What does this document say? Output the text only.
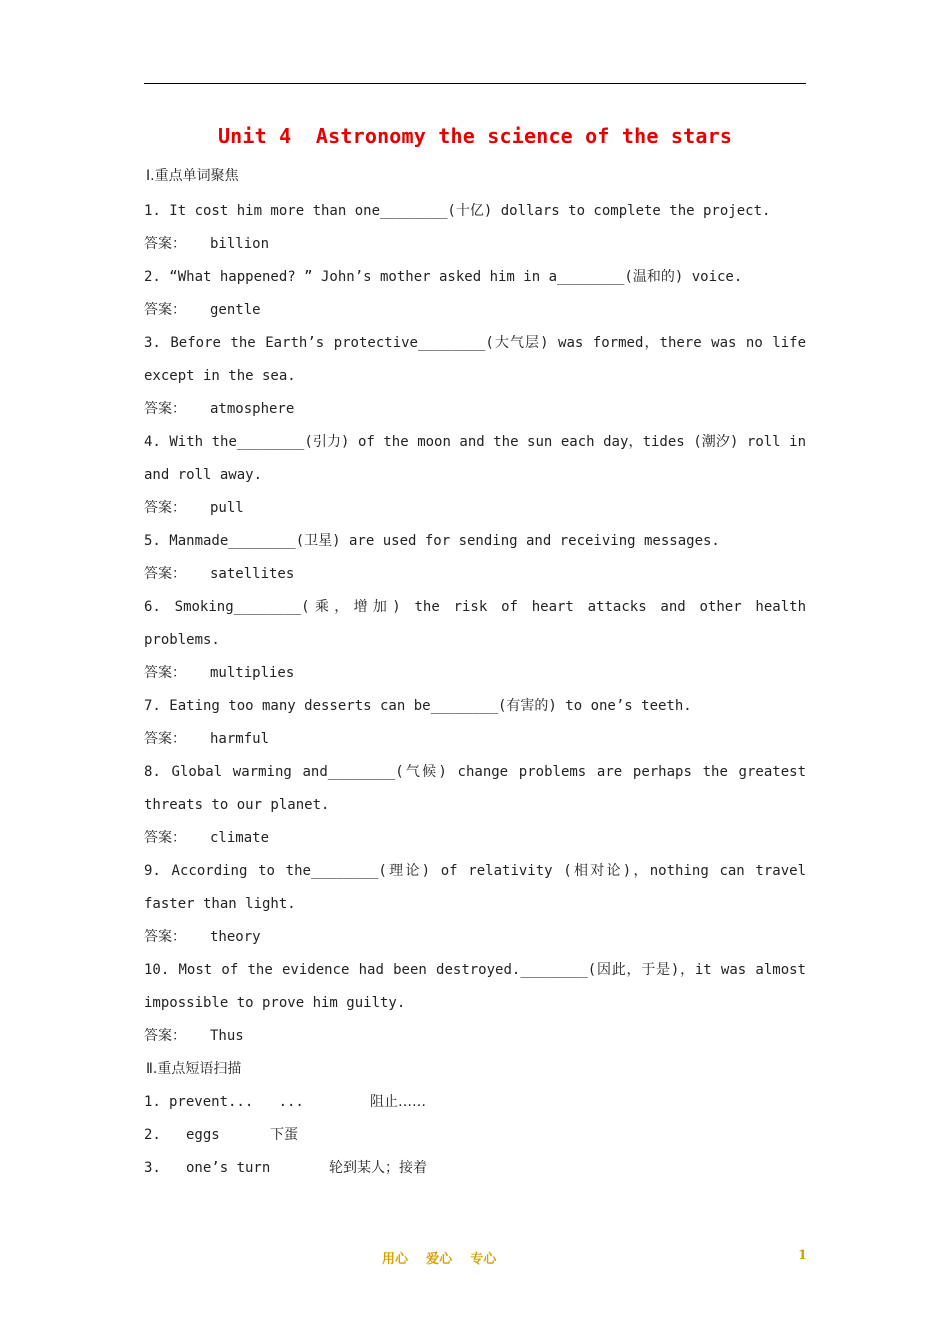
Unit 4  Astronomy the science of the stars
Ⅰ.重点单词聚焦
1. It cost him more than one________(十亿) dollars to complete the project.
答案： billion
2. “What happened? ” John’s mother asked him in a________(温和的) voice.
答案： gentle
3. Before the Earth’s protective________(大气层) was formed，there was no life
except in the sea.
答案： atmosphere
4. With the________(引力) of the moon and the sun each day，tides (潮汐) roll in
and roll away.
答案： pull
5. Manmade________(卫星) are used for sending and receiving messages.
答案： satellites
6. Smoking________(乘，增加) the risk of heart attacks and other health
problems.
答案： multiplies
7. Eating too many desserts can be________(有害的) to one’s teeth.
答案： harmful
8. Global warming and________(气候) change problems are perhaps the greatest
threats to our planet.
答案： climate
9. According to the________(理论) of relativity (相对论)，nothing can travel
faster than light.
答案： theory
10. Most of the evidence had been destroyed.________(因此，于是)，it was almost
impossible to prove him guilty.
答案： Thus
Ⅱ.重点短语扫描
1. prevent...   ...	阻止……
2. eggs	下蛋
3. one’s turn	轮到某人；接着
用心    爱心    专心	1
